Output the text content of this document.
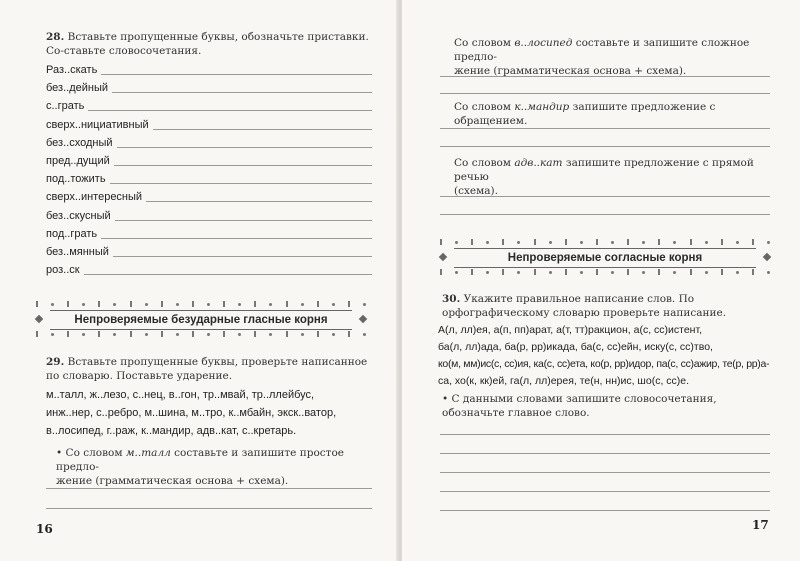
28. Вставьте пропущенные буквы, обозначьте приставки. Со-ставьте словосочетания.
Раз..скать
без..дейный
с..грать
сверх..нициативный
без..сходный
пред..дущий
под..тожить
сверх..интересный
без..скусный
под..грать
без..мянный
роз..ск
Непроверяемые безударные гласные корня
29. Вставьте пропущенные буквы, проверьте написанное по словарю. Поставьте ударение.
м..талл, ж..лезо, с..нец, в..гон, тр..мвай, тр..ллейбус,
инж..нер, с..ребро, м..шина, м..тро, к..мбайн, экск..ватор,
в..лосипед, г..раж, к..мандир, адв..кат, с..кретарь.
• Со словом м..талл составьте и запишите простое предло-
жение (грамматическая основа + схема).
16
Со словом в..лосипед составьте и запишите сложное предло-
жение (грамматическая основа + схема).
Со словом к..мандир запишите предложение с обращением.
Со словом адв..кат запишите предложение с прямой речью
(схема).
Непроверяемые согласные корня
30. Укажите правильное написание слов. По орфографическому словарю проверьте написание.
А(л, лл)ея, а(п, пп)арат, а(т, тт)ракцион, а(с, сс)истент,
ба(л, лл)ада, ба(р, рр)икада, ба(с, сс)ейн, иску(с, сс)тво,
ко(м, мм)ис(с, сс)ия, ка(с, сс)ета, ко(р, рр)идор, па(с, сс)ажир, те(р, рр)а-
са, хо(к, кк)ей, га(л, лл)ерея, те(н, нн)ис, шо(с, сс)е.
• С данными словами запишите словосочетания, обозначьте главное слово.
17
